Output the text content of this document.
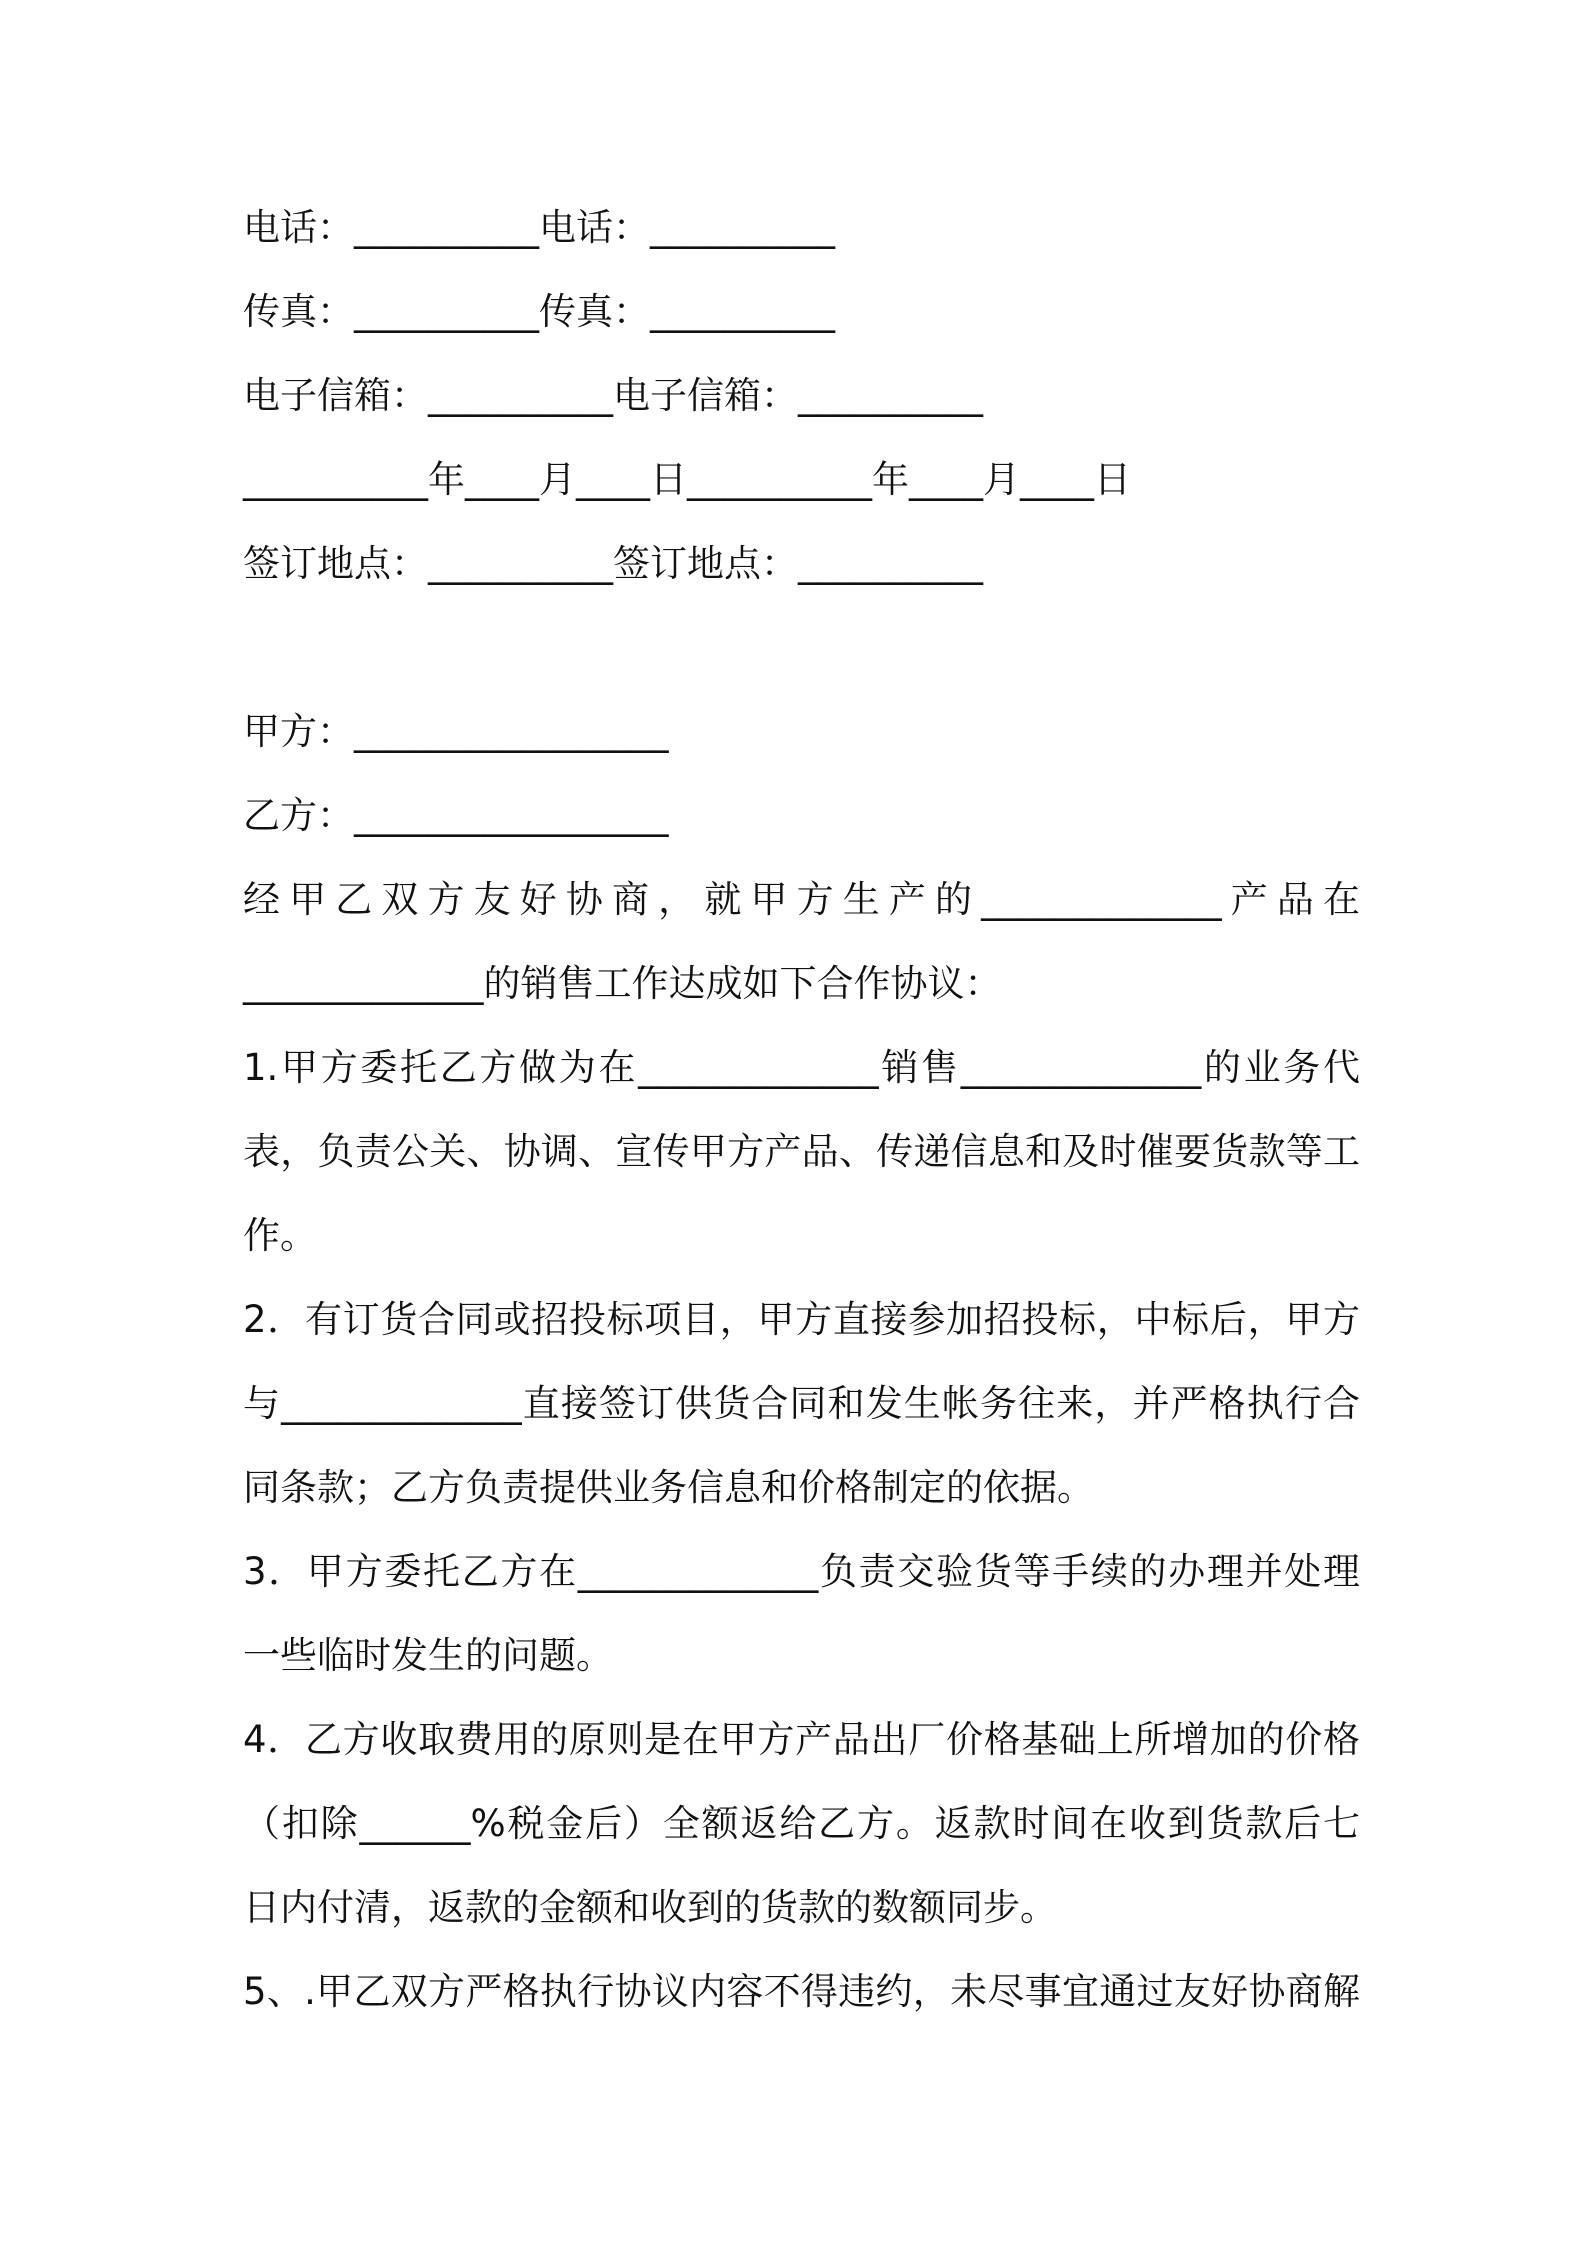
电话：__________电话：__________

传真：__________传真：__________

电子信箱：__________电子信箱：__________

__________年____月____日__________年____月____日

签订地点：__________签订地点：__________

甲方：_________________

乙方：_________________

经甲乙双方友好协商，就甲方生产的_____________产品在
_____________的销售工作达成如下合作协议：
1.甲方委托乙方做为在_____________销售_____________的业务代
表，负责公关、协调、宣传甲方产品、传递信息和及时催要货款等工
作。
2．有订货合同或招投标项目，甲方直接参加招投标，中标后，甲方
与_____________直接签订供货合同和发生帐务往来，并严格执行合
同条款；乙方负责提供业务信息和价格制定的依据。
3．甲方委托乙方在_____________负责交验货等手续的办理并处理
一些临时发生的问题。
4．乙方收取费用的原则是在甲方产品出厂价格基础上所增加的价格
（扣除______%税金后）全额返给乙方。返款时间在收到货款后七
日内付清，返款的金额和收到的货款的数额同步。
5、.甲乙双方严格执行协议内容不得违约，未尽事宜通过友好协商解
